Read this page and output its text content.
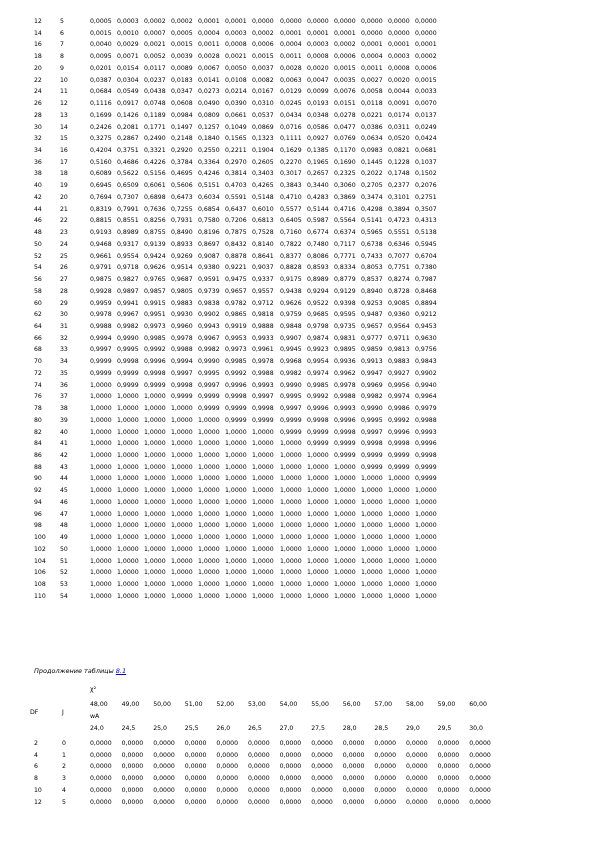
12	5	0,0005 0,0003 0,0002 0,0002 0,0001 0,0001 0,0000 0,0000 0,0000 0,0000 0,0000 0,0000 0,0000
14	6	0,0015 0,0010 0,0007 0,0005 0,0004 0,0003 0,0002 0,0001 0,0001 0,0001 0,0000 0,0000 0,0000
16	7	0,0040 0,0029 0,0021 0,0015 0,0011 0,0008 0,0006 0,0004 0,0003 0,0002 0,0001 0,0001 0,0001
18	8	0,0095 0,0071 0,0052 0,0039 0,0028 0,0021 0,0015 0,0011 0,0008 0,0006 0,0004 0,0003 0,0002
20	9	0,0201 0,0154 0,0117 0,0089 0,0067 0,0050 0,0037 0,0028 0,0020 0,0015 0,0011 0,0008 0,0006
22	10	0,0387 0,0304 0,0237 0,0183 0,0141 0,0108 0,0082 0,0063 0,0047 0,0035 0,0027 0,0020 0,0015
24	11	0,0684 0,0549 0,0438 0,0347 0,0273 0,0214 0,0167 0,0129 0,0099 0,0076 0,0058 0,0044 0,0033
26	12	0,1116 0,0917 0,0748 0,0608 0,0490 0,0390 0,0310 0,0245 0,0193 0,0151 0,0118 0,0091 0,0070
28	13	0,1699 0,1426 0,1189 0,0984 0,0809 0,0661 0,0537 0,0434 0,0348 0,0278 0,0221 0,0174 0,0137
30	14	0,2426 0,2081 0,1771 0,1497 0,1257 0,1049 0,0869 0,0716 0,0586 0,0477 0,0386 0,0311 0,0249
32	15	0,3275 0,2867 0,2490 0,2148 0,1840 0,1565 0,1323 0,1111 0,0927 0,0769 0,0634 0,0520 0,0424
34	16	0,4204 0,3751 0,3321 0,2920 0,2550 0,2211 0,1904 0,1629 0,1385 0,1170 0,0983 0,0821 0,0681
36	17	0,5160 0,4686 0,4226 0,3784 0,3364 0,2970 0,2605 0,2270 0,1965 0,1690 0,1445 0,1228 0,1037
38	18	0,6089 0,5622 0,5156 0,4695 0,4246 0,3814 0,3403 0,3017 0,2657 0,2325 0,2022 0,1748 0,1502
40	19	0,6945 0,6509 0,6061 0,5606 0,5151 0,4703 0,4265 0,3843 0,3440 0,3060 0,2705 0,2377 0,2076
42	20	0,7694 0,7307 0,6898 0,6473 0,6034 0,5591 0,5148 0,4710 0,4283 0,3869 0,3474 0,3101 0,2751
44	21	0,8319 0,7991 0,7636 0,7255 0,6854 0,6437 0,6010 0,5577 0,5144 0,4716 0,4298 0,3894 0,3507
46	22	0,8815 0,8551 0,8256 0,7931 0,7580 0,7206 0,6813 0,6405 0,5987 0,5564 0,5141 0,4723 0,4313
48	23	0,9193 0,8989 0,8755 0,8490 0,8196 0,7875 0,7528 0,7160 0,6774 0,6374 0,5965 0,5551 0,5138
50	24	0,9468 0,9317 0,9139 0,8933 0,8697 0,8432 0,8140 0,7822 0,7480 0,7117 0,6738 0,6346 0,5945
52	25	0,9661 0,9554 0,9424 0,9269 0,9087 0,8878 0,8641 0,8377 0,8086 0,7771 0,7433 0,7077 0,6704
54	26	0,9791 0,9718 0,9626 0,9514 0,9380 0,9221 0,9037 0,8828 0,8593 0,8334 0,8053 0,7751 0,7380
56	27	0,9875 0,9827 0,9765 0,9687 0,9591 0,9475 0,9337 0,9175 0,8989 0,8779 0,8537 0,8274 0,7987
58	28	0,9928 0,9897 0,9857 0,9805 0,9739 0,9657 0,9557 0,9438 0,9294 0,9129 0,8940 0,8728 0,8468
60	29	0,9959 0,9941 0,9915 0,9883 0,9838 0,9782 0,9712 0,9626 0,9522 0,9398 0,9253 0,9085 0,8894
62	30	0,9978 0,9967 0,9951 0,9930 0,9902 0,9865 0,9818 0,9759 0,9685 0,9595 0,9487 0,9360 0,9212
64	31	0,9988 0,9982 0,9973 0,9960 0,9943 0,9919 0,9888 0,9848 0,9798 0,9735 0,9657 0,9564 0,9453
66	32	0,9994 0,9990 0,9985 0,9978 0,9967 0,9953 0,9933 0,9907 0,9874 0,9831 0,9777 0,9711 0,9630
68	33	0,9997 0,9995 0,9992 0,9988 0,9982 0,9973 0,9961 0,9945 0,9923 0,9895 0,9859 0,9813 0,9756
70	34	0,9999 0,9998 0,9996 0,9994 0,9990 0,9985 0,9978 0,9968 0,9954 0,9936 0,9913 0,9883 0,9843
72	35	0,9999 0,9999 0,9998 0,9997 0,9995 0,9992 0,9988 0,9982 0,9974 0,9962 0,9947 0,9927 0,9902
74	36	1,0000 0,9999 0,9999 0,9998 0,9997 0,9996 0,9993 0,9990 0,9985 0,9978 0,9969 0,9956 0,9940
76	37	1,0000 1,0000 1,0000 0,9999 0,9999 0,9998 0,9997 0,9995 0,9992 0,9988 0,9982 0,9974 0,9964
78	38	1,0000 1,0000 1,0000 1,0000 0,9999 0,9999 0,9998 0,9997 0,9996 0,9993 0,9990 0,9986 0,9979
80	39	1,0000 1,0000 1,0000 1,0000 1,0000 0,9999 0,9999 0,9999 0,9998 0,9996 0,9995 0,9992 0,9988
82	40	1,0000 1,0000 1,0000 1,0000 1,0000 1,0000 1,0000 0,9999 0,9999 0,9998 0,9997 0,9996 0,9993
84	41	1,0000 1,0000 1,0000 1,0000 1,0000 1,0000 1,0000 1,0000 0,9999 0,9999 0,9998 0,9998 0,9996
86	42	1,0000 1,0000 1,0000 1,0000 1,0000 1,0000 1,0000 1,0000 1,0000 0,9999 0,9999 0,9999 0,9998
88	43	1,0000 1,0000 1,0000 1,0000 1,0000 1,0000 1,0000 1,0000 1,0000 1,0000 0,9999 0,9999 0,9999
90	44	1,0000 1,0000 1,0000 1,0000 1,0000 1,0000 1,0000 1,0000 1,0000 1,0000 1,0000 1,0000 0,9999
92	45	1,0000 1,0000 1,0000 1,0000 1,0000 1,0000 1,0000 1,0000 1,0000 1,0000 1,0000 1,0000 1,0000
94	46	1,0000 1,0000 1,0000 1,0000 1,0000 1,0000 1,0000 1,0000 1,0000 1,0000 1,0000 1,0000 1,0000
96	47	1,0000 1,0000 1,0000 1,0000 1,0000 1,0000 1,0000 1,0000 1,0000 1,0000 1,0000 1,0000 1,0000
98	48	1,0000 1,0000 1,0000 1,0000 1,0000 1,0000 1,0000 1,0000 1,0000 1,0000 1,0000 1,0000 1,0000
100 49	1,0000 1,0000 1,0000 1,0000 1,0000 1,0000 1,0000 1,0000 1,0000 1,0000 1,0000 1,0000 1,0000
102 50	1,0000 1,0000 1,0000 1,0000 1,0000 1,0000 1,0000 1,0000 1,0000 1,0000 1,0000 1,0000 1,0000
104 51	1,0000 1,0000 1,0000 1,0000 1,0000 1,0000 1,0000 1,0000 1,0000 1,0000 1,0000 1,0000 1,0000
106 52	1,0000 1,0000 1,0000 1,0000 1,0000 1,0000 1,0000 1,0000 1,0000 1,0000 1,0000 1,0000 1,0000
108 53	1,0000 1,0000 1,0000 1,0000 1,0000 1,0000 1,0000 1,0000 1,0000 1,0000 1,0000 1,0000 1,0000
110 54	1,0000 1,0000 1,0000 1,0000 1,0000 1,0000 1,0000 1,0000 1,0000 1,0000 1,0000 1,0000 1,0000
Продолжение таблицы 8.1
χ²
DF	J
wA
48,00 49,00 50,00 51,00 52,00 53,00 54,00 55,00 56,00 57,00 58,00 59,00 60,00
24,0	24,5	25,0	25,5	26,0	26,5	27,0	27,5	28,0	28,5	29,0	29,5	30,0
2	0	0,0000 0,0000 0,0000 0,0000 0,0000 0,0000 0,0000 0,0000 0,0000 0,0000 0,0000 0,0000 0,0000
4	1	0,0000 0,0000 0,0000 0,0000 0,0000 0,0000 0,0000 0,0000 0,0000 0,0000 0,0000 0,0000 0,0000
6	2	0,0000 0,0000 0,0000 0,0000 0,0000 0,0000 0,0000 0,0000 0,0000 0,0000 0,0000 0,0000 0,0000
8	3	0,0000 0,0000 0,0000 0,0000 0,0000 0,0000 0,0000 0,0000 0,0000 0,0000 0,0000 0,0000 0,0000
10	4	0,0000 0,0000 0,0000 0,0000 0,0000 0,0000 0,0000 0,0000 0,0000 0,0000 0,0000 0,0000 0,0000
12	5	0,0000 0,0000 0,0000 0,0000 0,0000 0,0000 0,0000 0,0000 0,0000 0,0000 0,0000 0,0000 0,0000
